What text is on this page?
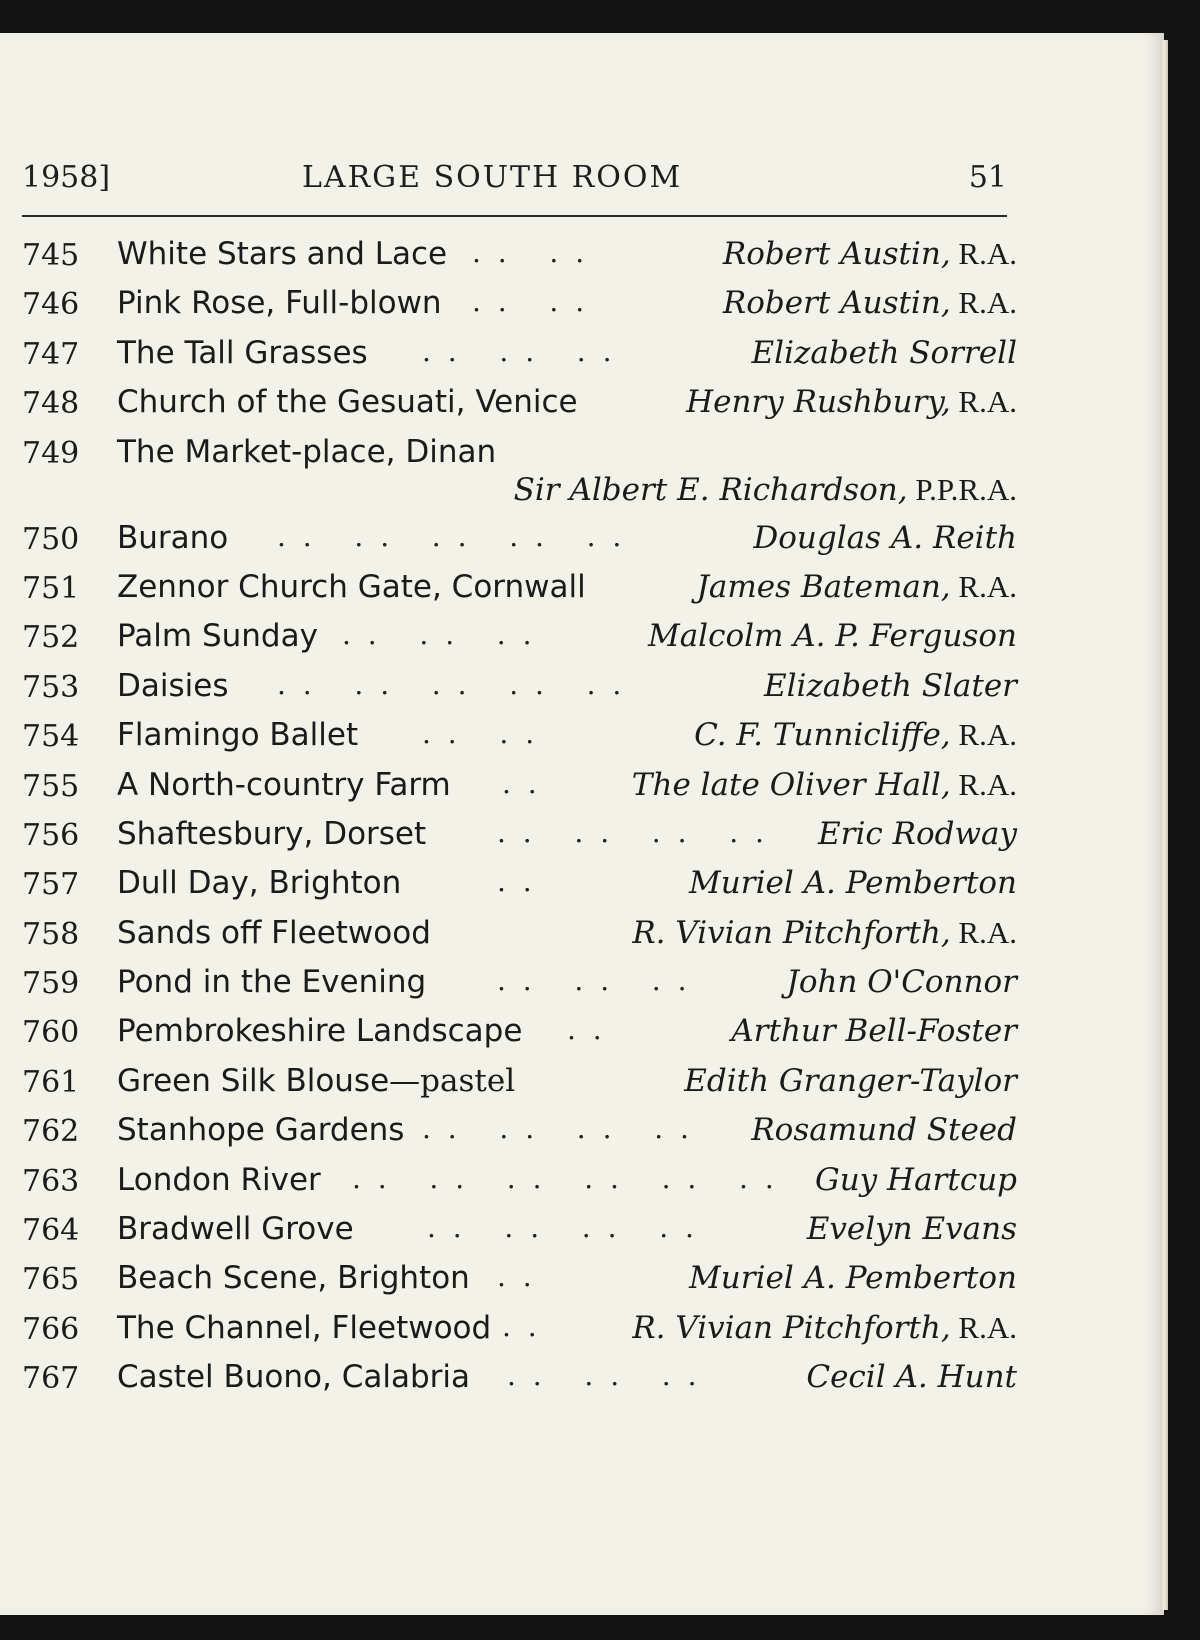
1958]	LARGE SOUTH ROOM	51
745 White Stars and Lace . .   . .	Robert Austin, R.A.
746 Pink Rose, Full-blown . .   . .	Robert Austin, R.A.
747 The Tall Grasses . .   . .   . .	Elizabeth Sorrell
748 Church of the Gesuati, Venice	Henry Rushbury, R.A.
749 The Market-place, Dinan
Sir Albert E. Richardson, P.P.R.A.
750 Burano . .   . .   . .   . .   . .	Douglas A. Reith
751 Zennor Church Gate, Cornwall	James Bateman, R.A.
752 Palm Sunday . .   . .   . .	Malcolm A. P. Ferguson
753 Daisies . .   . .   . .   . .   . .	Elizabeth Slater
754 Flamingo Ballet . .   . .	C. F. Tunnicliffe, R.A.
755 A North-country Farm . .	The late Oliver Hall, R.A.
756 Shaftesbury, Dorset	. .   . .   . .   . . Eric Rodway
757 Dull Day, Brighton	. .	Muriel A. Pemberton
758 Sands off Fleetwood	R. Vivian Pitchforth, R.A.
759 Pond in the Evening	. .   . .   . .	John O'Connor
760 Pembrokeshire Landscape . .	Arthur Bell-Foster
761 Green Silk Blouse—pastel	Edith Granger-Taylor
762 Stanhope Gardens . .   . .   . .   . . Rosamund Steed
763 London River . .   . .   . .   . .   . .   . . Guy Hartcup
764 Bradwell Grove	. .   . .   . .   . .	Evelyn Evans
765 Beach Scene, Brighton . .	Muriel A. Pemberton
766 The Channel, Fleetwood . .	R. Vivian Pitchforth, R.A.
767 Castel Buono, Calabria . .   . .   . .	Cecil A. Hunt
